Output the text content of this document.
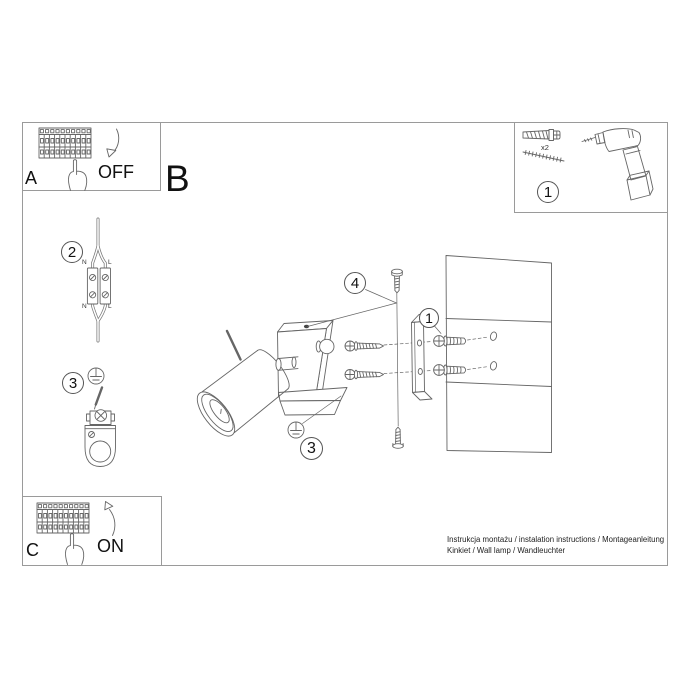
A	OFF B
C	ON
x2
N	L
N	L
1
2
3
4
1
3
Instrukcja montażu / instalation instructions / Montageanleitung
Kinkiet / Wall lamp / Wandleuchter
